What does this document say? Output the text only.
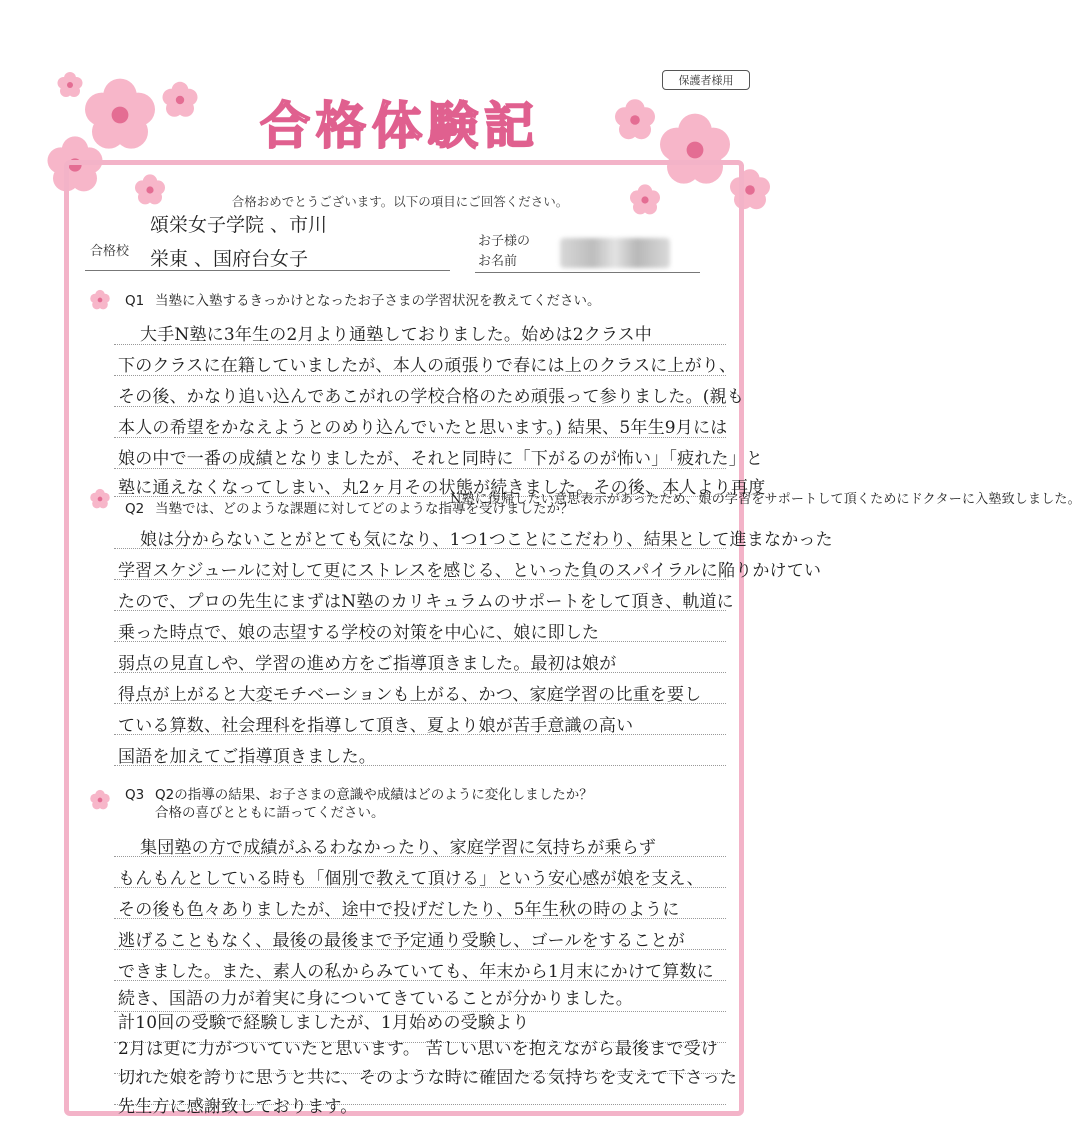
保護者様用
合格体験記
合格おめでとうございます。以下の項目にご回答ください。
頌栄女子学院 、市川
合格校 栄東 、国府台女子
お子様の
お名前
Q1 当塾に入塾するきっかけとなったお子さまの学習状況を教えてください。
大手N塾に3年生の2月より通塾しておりました。始めは2クラス中
下のクラスに在籍していましたが、本人の頑張りで春には上のクラスに上がり、
その後、かなり追い込んであこがれの学校合格のため頑張って参りました。(親も
本人の希望をかなえようとのめり込んでいたと思います。) 結果、5年生9月には
娘の中で一番の成績となりましたが、それと同時に「下がるのが怖い」「疲れた」と
塾に通えなくなってしまい、丸2ヶ月その状態が続きました。その後、本人より再度
N塾に復帰したい意思表示があったため、娘の学習をサポートして頂くためにドクターに入塾致しました。
Q2 当塾では、どのような課題に対してどのような指導を受けましたか？
娘は分からないことがとても気になり、1つ1つことにこだわり、結果として進まなかった
学習スケジュールに対して更にストレスを感じる、といった負のスパイラルに陥りかけてい
たので、プロの先生にまずはN塾のカリキュラムのサポートをして頂き、軌道に
乗った時点で、娘の志望する学校の対策を中心に、娘に即した
弱点の見直しや、学習の進め方をご指導頂きました。最初は娘が
得点が上がると大変モチベーションも上がる、かつ、家庭学習の比重を要し
ている算数、社会理科を指導して頂き、夏より娘が苦手意識の高い
国語を加えてご指導頂きました。
Q3 Q2の指導の結果、お子さまの意識や成績はどのように変化しましたか？
合格の喜びとともに語ってください。
集団塾の方で成績がふるわなかったり、家庭学習に気持ちが乗らず
もんもんとしている時も「個別で教えて頂ける」という安心感が娘を支え、
その後も色々ありましたが、途中で投げだしたり、5年生秋の時のように
逃げることもなく、最後の最後まで予定通り受験し、ゴールをすることが
できました。また、素人の私からみていても、年末から1月末にかけて算数に
続き、国語の力が着実に身についてきていることが分かりました。
計10回の受験で経験しましたが、1月始めの受験より
2月は更に力がついていたと思います。 苦しい思いを抱えながら最後まで受け
切れた娘を誇りに思うと共に、そのような時に確固たる気持ちを支えて下さった
先生方に感謝致しております。
